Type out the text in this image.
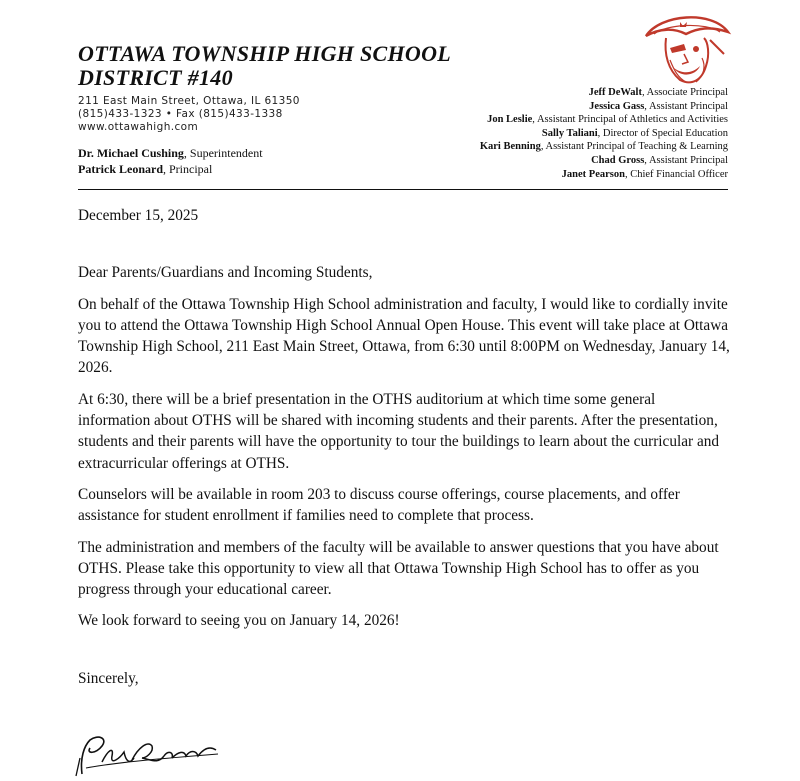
OTTAWA TOWNSHIP HIGH SCHOOL
DISTRICT #140
211 East Main Street, Ottawa, IL 61350
(815)433-1323 • Fax (815)433-1338
www.ottawahigh.com
Dr. Michael Cushing, Superintendent
Patrick Leonard, Principal
Jeff DeWalt, Associate Principal
Jessica Gass, Assistant Principal
Jon Leslie, Assistant Principal of Athletics and Activities
Sally Taliani, Director of Special Education
Kari Benning, Assistant Principal of Teaching & Learning
Chad Gross, Assistant Principal
Janet Pearson, Chief Financial Officer

December 15, 2025

Dear Parents/Guardians and Incoming Students,

On behalf of the Ottawa Township High School administration and faculty, I would like to cordially invite you to attend the Ottawa Township High School Annual Open House. This event will take place at Ottawa Township High School, 211 East Main Street, Ottawa, from 6:30 until 8:00PM on Wednesday, January 14, 2026.

At 6:30, there will be a brief presentation in the OTHS auditorium at which time some general information about OTHS will be shared with incoming students and their parents. After the presentation, students and their parents will have the opportunity to tour the buildings to learn about the curricular and extracurricular offerings at OTHS.

Counselors will be available in room 203 to discuss course offerings, course placements, and offer assistance for student enrollment if families need to complete that process.

The administration and members of the faculty will be available to answer questions that you have about OTHS. Please take this opportunity to view all that Ottawa Township High School has to offer as you progress through your educational career.

We look forward to seeing you on January 14, 2026!

Sincerely,
